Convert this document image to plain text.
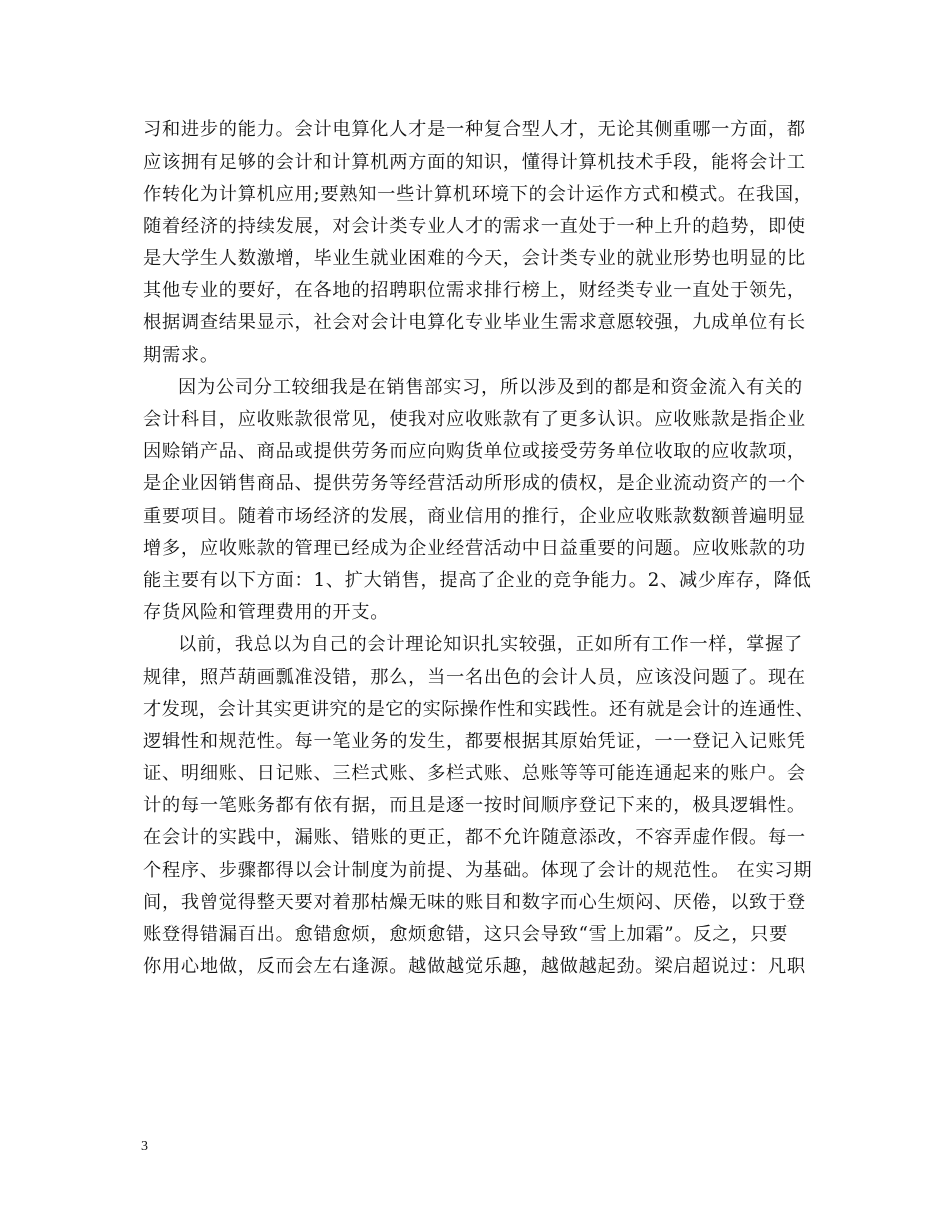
习和进步的能力。会计电算化人才是一种复合型人才，无论其侧重哪一方面，都
应该拥有足够的会计和计算机两方面的知识，懂得计算机技术手段，能将会计工
作转化为计算机应用;要熟知一些计算机环境下的会计运作方式和模式。在我国，
随着经济的持续发展，对会计类专业人才的需求一直处于一种上升的趋势，即使
是大学生人数激增，毕业生就业困难的今天，会计类专业的就业形势也明显的比
其他专业的要好，在各地的招聘职位需求排行榜上，财经类专业一直处于领先，
根据调查结果显示，社会对会计电算化专业毕业生需求意愿较强，九成单位有长
期需求。
因为公司分工较细我是在销售部实习，所以涉及到的都是和资金流入有关的
会计科目，应收账款很常见，使我对应收账款有了更多认识。应收账款是指企业
因赊销产品、商品或提供劳务而应向购货单位或接受劳务单位收取的应收款项，
是企业因销售商品、提供劳务等经营活动所形成的债权，是企业流动资产的一个
重要项目。随着市场经济的发展，商业信用的推行，企业应收账款数额普遍明显
增多，应收账款的管理已经成为企业经营活动中日益重要的问题。应收账款的功
能主要有以下方面：1、扩大销售，提高了企业的竞争能力。2、减少库存，降低
存货风险和管理费用的开支。
以前，我总以为自己的会计理论知识扎实较强，正如所有工作一样，掌握了
规律，照芦葫画瓢准没错，那么，当一名出色的会计人员，应该没问题了。现在
才发现，会计其实更讲究的是它的实际操作性和实践性。还有就是会计的连通性、
逻辑性和规范性。每一笔业务的发生，都要根据其原始凭证，一一登记入记账凭
证、明细账、日记账、三栏式账、多栏式账、总账等等可能连通起来的账户。会
计的每一笔账务都有依有据，而且是逐一按时间顺序登记下来的，极具逻辑性。
在会计的实践中，漏账、错账的更正，都不允许随意添改，不容弄虚作假。每一
个程序、步骤都得以会计制度为前提、为基础。体现了会计的规范性。 在实习期
间，我曾觉得整天要对着那枯燥无味的账目和数字而心生烦闷、厌倦，以致于登
账登得错漏百出。愈错愈烦，愈烦愈错，这只会导致“雪上加霜”。反之，只要
你用心地做，反而会左右逢源。越做越觉乐趣，越做越起劲。梁启超说过：凡职
3
